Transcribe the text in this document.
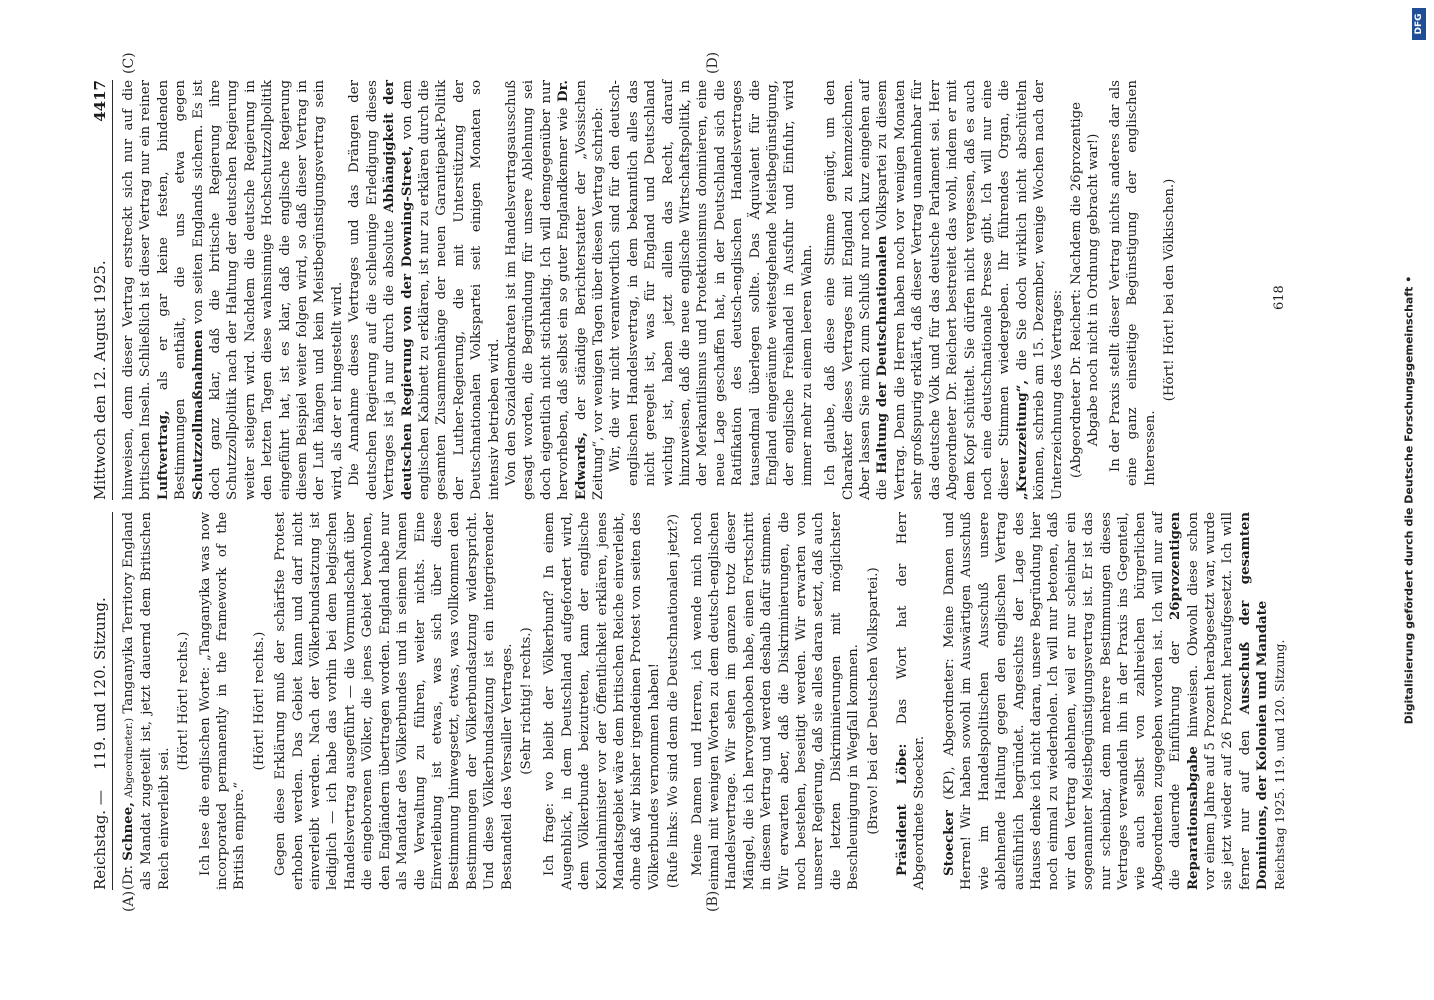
Reichstag. —
119. und 120. Sitzung.
Mittwoch den 12. August 1925.
4417
(A)	(B)
(C)	(D)

(Dr. Schnee, Abgeordneter.) Tanganyika Territory England als Mandat zugeteilt ist, jetzt dauernd dem Britischen Reich einverleibt sei.

(Hört! Hört! rechts.) Ich lese die englischen Worte: „Tanganyika was now incorporated permanently in the framework of the British empire.“

(Hört! Hört! rechts.) Gegen diese Erklärung muß der schärfste Protest erhoben werden. Das Gebiet kann und darf nicht einverleibt werden. Nach der Völkerbundsatzung ist lediglich — ich habe das vorhin bei dem belgischen Handelsvertrag ausgeführt — die Vormundschaft über die eingeborenen Völker, die jenes Gebiet bewohnen, den Engländern übertragen worden. England habe nur als Mandatar des Völkerbundes und in seinem Namen die Verwaltung zu führen, weiter nichts. Eine Einverleibung ist etwas, was sich über diese Bestimmung hinwegsetzt, etwas, was vollkommen den Bestimmungen der Völkerbundsatzung widerspricht. Und diese Völkerbundsatzung ist ein integrierender Bestandteil des Versailler Vertrages. (Sehr richtig! rechts.) Ich frage: wo bleibt der Völkerbund? In einem Augenblick, in dem Deutschland aufgefordert wird, dem Völkerbunde beizutreten, kann der englische Kolonialminister vor der Öffentlichkeit erklären, jenes Mandatsgebiet wäre dem britischen Reiche einverleibt, ohne daß wir bisher irgendeinen Protest von seiten des Völkerbundes vernommen haben! (Rufe links: Wo sind denn die Deutschnationalen jetzt?) Meine Damen und Herren, ich wende mich noch einmal mit wenigen Worten zu dem deutsch-englischen Handelsvertrage. Wir sehen im ganzen trotz dieser Mängel, die ich hervorgehoben habe, einen Fortschritt in diesem Vertrag und werden deshalb dafür stimmen. Wir erwarten aber, daß die Diskriminierungen, die noch bestehen, beseitigt werden. Wir erwarten von unserer Regierung, daß sie alles daran setzt, daß auch die letzten Diskriminierungen mit möglichster Beschleunigung in Wegfall kommen. (Bravo! bei der Deutschen Volkspartei.) Präsident Löbe: Das Wort hat der Herr Abgeordnete Stoecker. Stoecker (KP), Abgeordneter: Meine Damen und Herren! Wir haben sowohl im Auswärtigen Ausschuß wie im Handelspolitischen Ausschuß unsere ablehnende Haltung gegen den englischen Vertrag ausführlich begründet. Angesichts der Lage des Hauses denke ich nicht daran, unsere Begründung hier noch einmal zu wiederholen. Ich will nur betonen, daß wir den Vertrag ablehnen, weil er nur scheinbar ein sogenannter Meistbegünstigungsvertrag ist. Er ist das nur scheinbar, denn mehrere Bestimmungen dieses Vertrages verwandeln ihn in der Praxis ins Gegenteil, wie auch selbst von zahlreichen bürgerlichen Abgeordneten zugegeben worden ist. Ich will nur auf die dauernde Einführung der 26prozentigen Reparationsabgabe hinweisen. Obwohl diese schon vor einem Jahre auf 5 Prozent herabgesetzt war, wurde sie jetzt wieder auf 26 Prozent heraufgesetzt. Ich will ferner nur auf den Ausschuß der gesamten Dominions, der Kolonien und Mandate

hinweisen, denn dieser Vertrag erstreckt sich nur auf die britischen Inseln. Schließlich ist dieser Vertrag nur ein reiner Luftvertrag, als er gar keine festen, bindenden Bestimmungen enthält, die uns etwa gegen Schutzzollmaßnahmen von seiten Englands sichern. Es ist doch ganz klar, daß die britische Regierung ihre Schutzzollpolitik nach der Haltung der deutschen Regierung weiter steigern wird. Nachdem die deutsche Regierung in den letzten Tagen diese wahnsinnige Hochschutzzollpolitik eingeführt hat, ist es klar, daß die englische Regierung diesem Beispiel weiter folgen wird, so daß dieser Vertrag in der Luft hängen und kein Meistbegünstigungsvertrag sein wird, als der er hingestellt wird. Die Annahme dieses Vertrages und das Drängen der deutschen Regierung auf die schleunige Erledigung dieses Vertrages ist ja nur durch die absolute Abhängigkeit der deutschen Regierung von der Downing-Street, von dem englischen Kabinett zu erklären, ist nur zu erklären durch die gesamten Zusammenhänge der neuen Garantiepakt-Politik der Luther-Regierung, die mit Unterstützung der Deutschnationalen Volkspartei seit einigen Monaten so intensiv betrieben wird. Von den Sozialdemokraten ist im Handelsvertragsausschuß gesagt worden, die Begründung für unsere Ablehnung sei doch eigentlich nicht stichhaltig. Ich will demgegenüber nur hervorheben, daß selbst ein so guter Englandkenner wie Dr. Edwards, der ständige Berichterstatter der „Vossischen Zeitung“, vor wenigen Tagen über diesen Vertrag schrieb: Wir, die wir nicht verantwortlich sind für den deutsch-englischen Handelsvertrag, in dem bekanntlich alles das nicht geregelt ist, was für England und Deutschland wichtig ist, haben jetzt allein das Recht, darauf hinzuweisen, daß die neue englische Wirtschaftspolitik, in der Merkantilismus und Protektionismus dominieren, eine neue Lage geschaffen hat, in der Deutschland sich die Ratifikation des deutsch-englischen Handelsvertrages tausendmal überlegen sollte. Das Äquivalent für die England eingeräumte weitestgehende Meistbegünstigung, der englische Freihandel in Ausfuhr und Einfuhr, wird immer mehr zu einem leeren Wahn. Ich glaube, daß diese eine Stimme genügt, um den Charakter dieses Vertrages mit England zu kennzeichnen. Aber lassen Sie mich zum Schluß nur noch kurz eingehen auf die Haltung der Deutschnationalen Volkspartei zu diesem Vertrag. Denn die Herren haben noch vor wenigen Monaten sehr großspurig erklärt, daß dieser Vertrag unannehmbar für das deutsche Volk und für das deutsche Parlament sei. Herr Abgeordneter Dr. Reichert bestreitet das wohl, indem er mit dem Kopf schüttelt. Sie dürfen nicht vergessen, daß es auch noch eine deutschnationale Presse gibt. Ich will nur eine dieser Stimmen wiedergeben. Ihr führendes Organ, die „Kreuzzeitung“, die Sie doch wirklich nicht abschütteln können, schrieb am 15. Dezember, wenige Wochen nach der Unterzeichnung des Vertrages: (Abgeordneter Dr. Reichert: Nachdem die 26prozentige Abgabe noch nicht in Ordnung gebracht war!) In der Praxis stellt dieser Vertrag nichts anderes dar als eine ganz einseitige Begünstigung der englischen Interessen.

(Hört! Hört! bei den Völkischen.)

Reichstag 1925. 119. und 120. Sitzung.
618	Digitalisierung gefördert durch die Deutsche Forschungsgemeinschaft •
DFG
